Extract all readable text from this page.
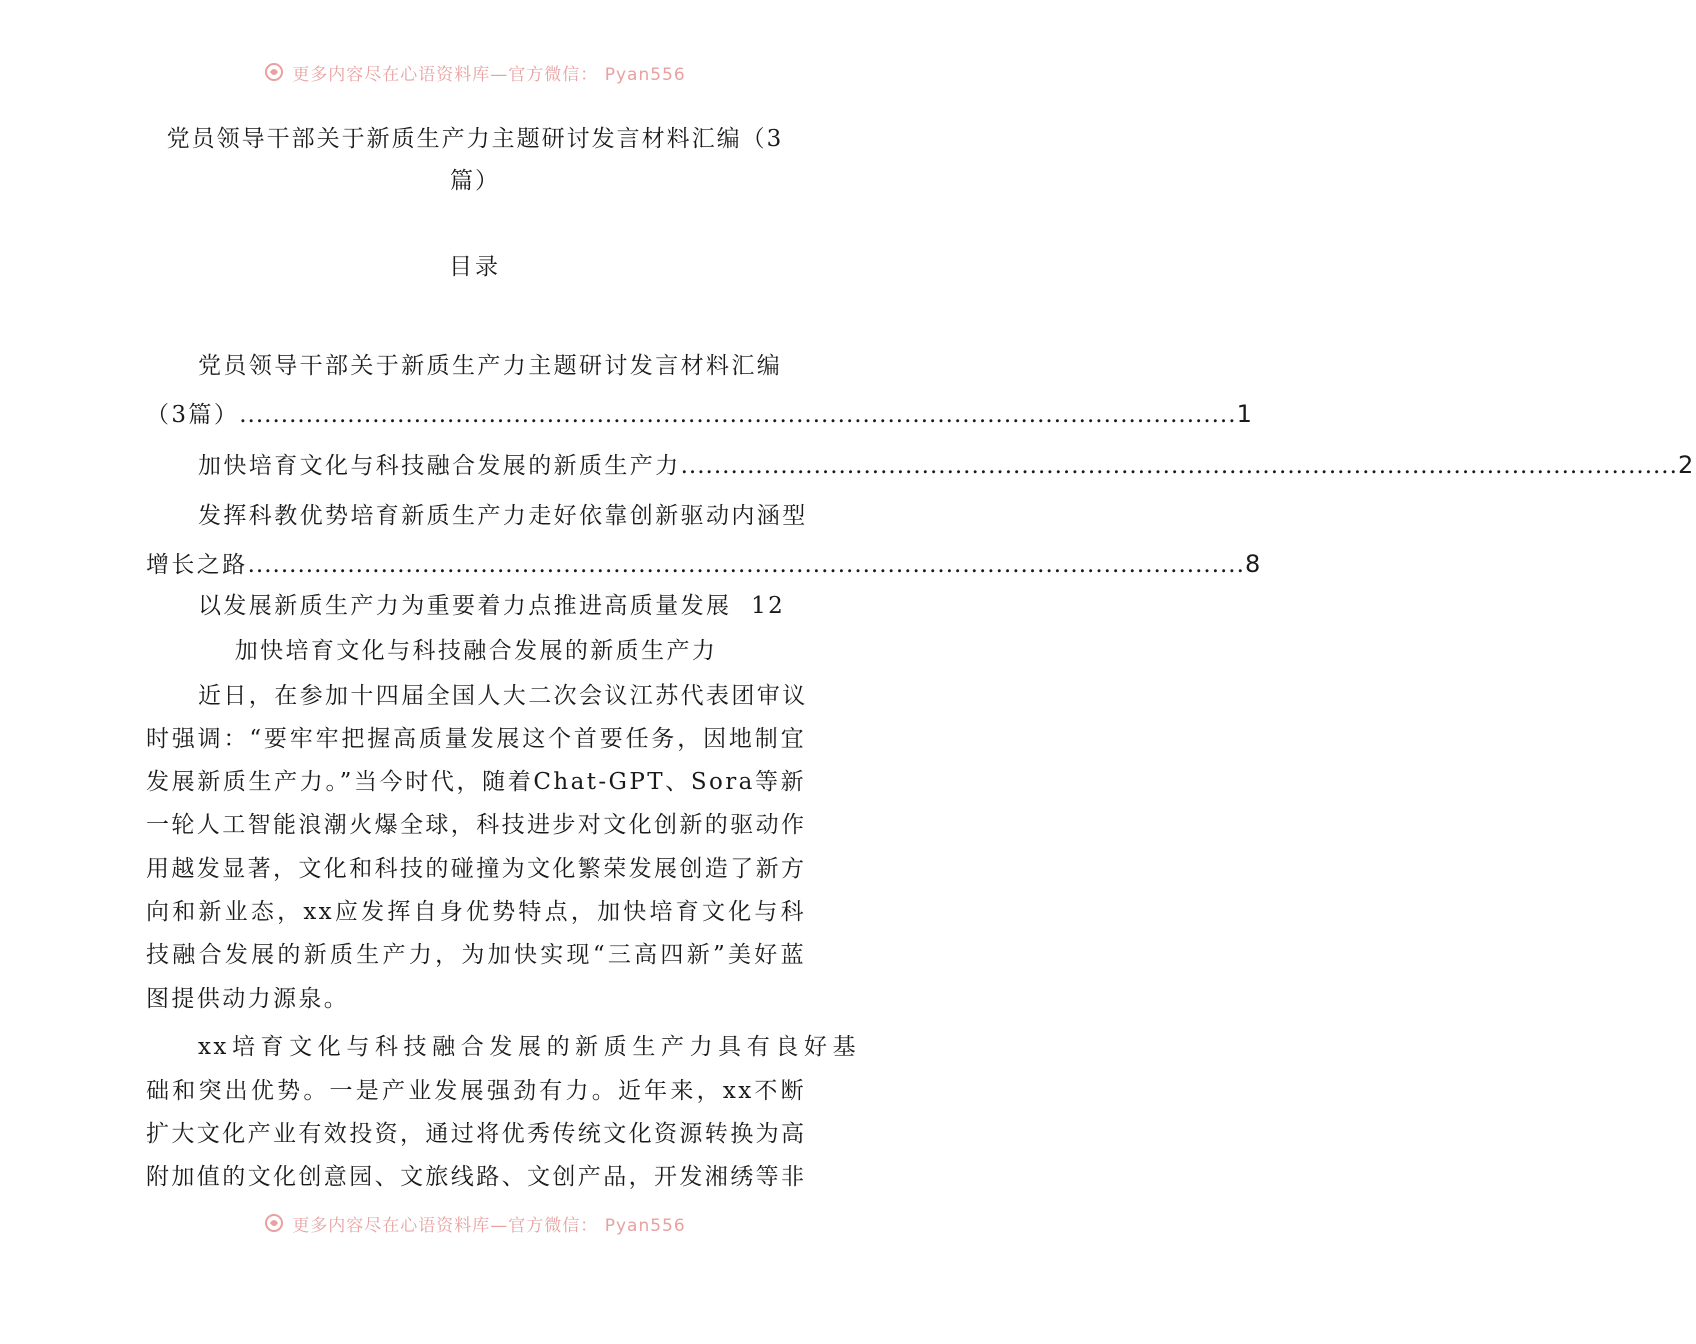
更多内容尽在心语资料库—官方微信： Pyan556
党员领导干部关于新质生产力主题研讨发言材料汇编（3篇）
目录
党员领导干部关于新质生产力主题研讨发言材料汇编
（3篇） ........................................................................................................................ 1
加快培育文化与科技融合发展的新质生产力 ........................................................................................................................ 2
发挥科教优势培育新质生产力走好依靠创新驱动内涵型
增长之路 ........................................................................................................................ 8
以发展新质生产力为重要着力点推进高质量发展 12
加快培育文化与科技融合发展的新质生产力
近日，在参加十四届全国人大二次会议江苏代表团审议
时强调：“要牢牢把握高质量发展这个首要任务，因地制宜
发展新质生产力。”当今时代，随着Chat-GPT、Sora等新
一轮人工智能浪潮火爆全球，科技进步对文化创新的驱动作
用越发显著，文化和科技的碰撞为文化繁荣发展创造了新方
向和新业态，xx应发挥自身优势特点，加快培育文化与科
技融合发展的新质生产力，为加快实现“三高四新”美好蓝
图提供动力源泉。
xx培育文化与科技融合发展的新质生产力具有良好基
础和突出优势。一是产业发展强劲有力。近年来，xx不断
扩大文化产业有效投资，通过将优秀传统文化资源转换为高
附加值的文化创意园、文旅线路、文创产品，开发湘绣等非
更多内容尽在心语资料库—官方微信： Pyan556
